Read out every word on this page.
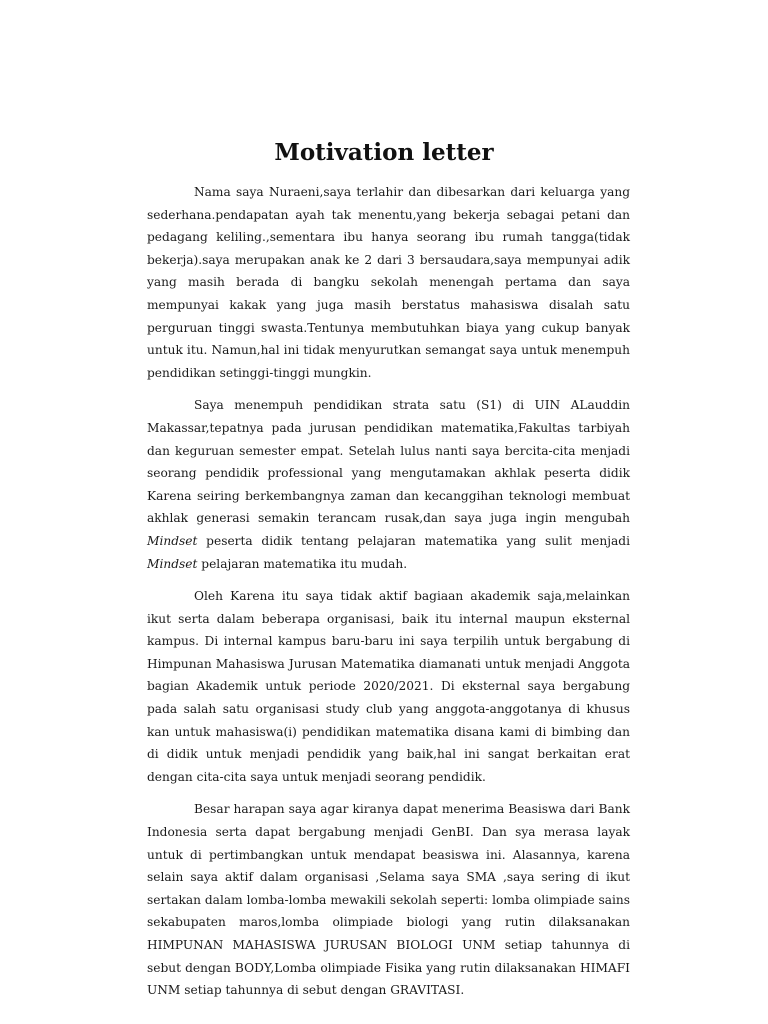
Motivation letter

Nama saya Nuraeni,saya terlahir dan dibesarkan dari keluarga yang sederhana.pendapatan ayah tak menentu,yang bekerja sebagai petani dan pedagang keliling.,sementara ibu hanya seorang ibu rumah tangga(tidak bekerja).saya merupakan anak ke 2 dari 3 bersaudara,saya mempunyai adik yang masih berada di bangku sekolah menengah pertama dan saya mempunyai kakak yang juga masih berstatus mahasiswa disalah satu perguruan tinggi swasta.Tentunya membutuhkan biaya yang cukup banyak untuk itu. Namun,hal ini tidak menyurutkan semangat saya untuk menempuh pendidikan setinggi-tinggi mungkin.

Saya menempuh pendidikan strata satu (S1) di UIN ALauddin Makassar,tepatnya pada jurusan pendidikan matematika,Fakultas tarbiyah dan keguruan semester empat. Setelah lulus nanti saya bercita-cita menjadi seorang pendidik professional yang mengutamakan akhlak peserta didik Karena seiring berkembangnya zaman dan kecanggihan teknologi membuat akhlak generasi semakin terancam rusak,dan saya juga ingin mengubah Mindset peserta didik tentang pelajaran matematika yang sulit menjadi Mindset pelajaran matematika itu mudah.

Oleh Karena itu saya tidak aktif bagiaan akademik saja,melainkan ikut serta dalam beberapa organisasi, baik itu internal maupun eksternal kampus. Di internal kampus baru-baru ini saya terpilih untuk bergabung di Himpunan Mahasiswa Jurusan Matematika diamanati untuk menjadi Anggota bagian Akademik untuk periode 2020/2021. Di eksternal saya bergabung pada salah satu organisasi study club yang anggota-anggotanya di khusus kan untuk mahasiswa(i) pendidikan matematika disana kami di bimbing dan di didik untuk menjadi pendidik yang baik,hal ini sangat berkaitan erat dengan cita-cita saya untuk menjadi seorang pendidik.

Besar harapan saya agar kiranya dapat menerima Beasiswa dari Bank Indonesia serta dapat bergabung menjadi GenBI. Dan sya merasa layak untuk di pertimbangkan untuk mendapat beasiswa ini. Alasannya, karena selain saya aktif dalam organisasi ,Selama saya SMA ,saya sering di ikut sertakan dalam lomba-lomba mewakili sekolah seperti: lomba olimpiade sains sekabupaten maros,lomba olimpiade biologi yang rutin dilaksanakan HIMPUNAN MAHASISWA JURUSAN BIOLOGI UNM setiap tahunnya di sebut dengan BODY,Lomba olimpiade Fisika yang rutin dilaksanakan HIMAFI UNM setiap tahunnya di sebut dengan GRAVITASI.
